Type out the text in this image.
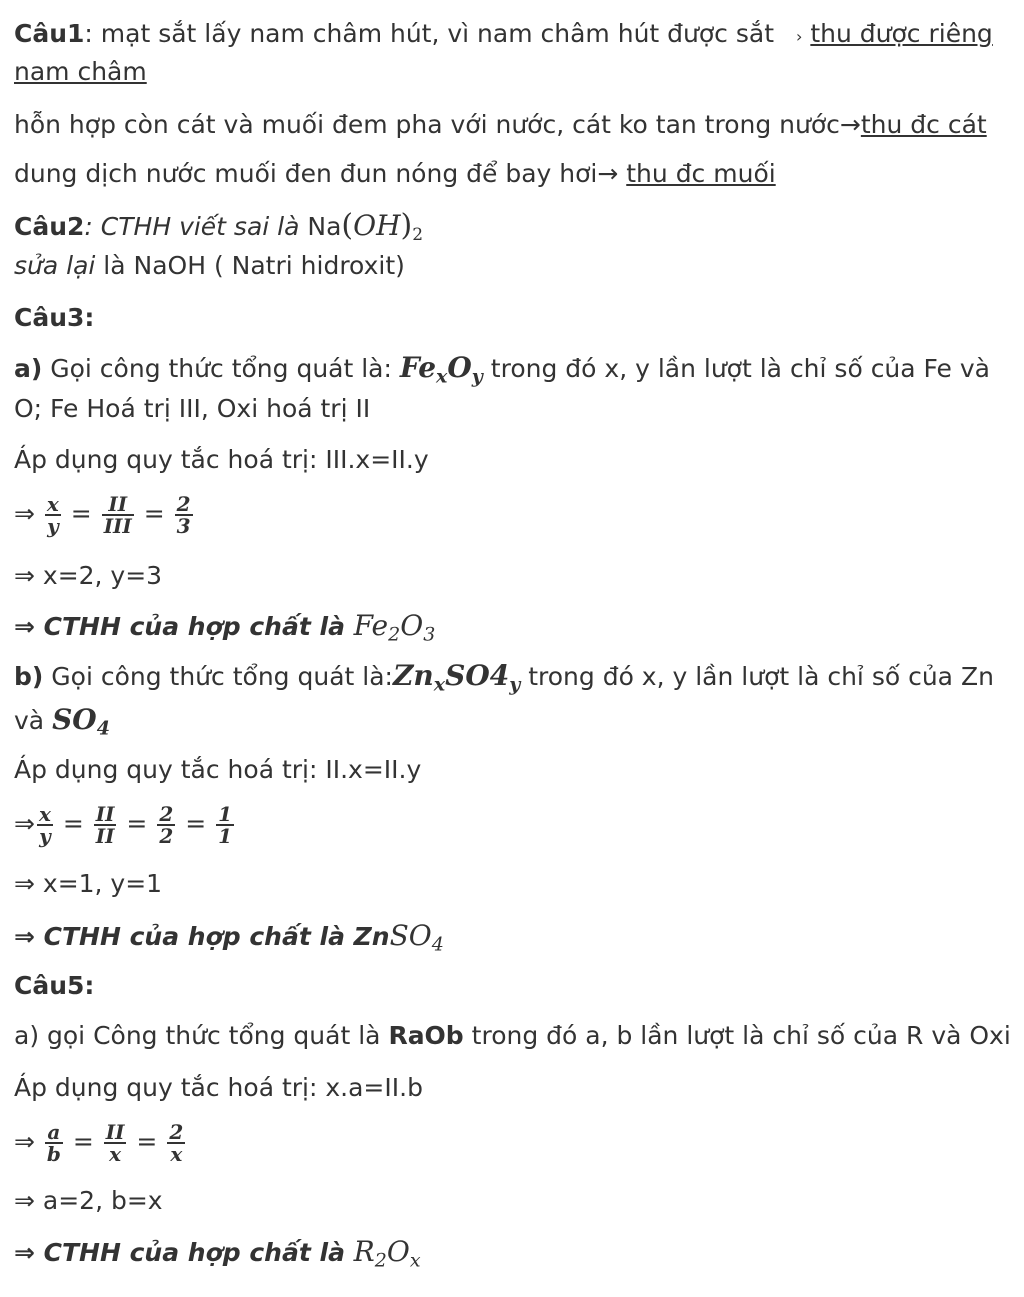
Câu1: mạt sắt lấy nam châm hút, vì nam châm hút được sắt › thu được riêng
nam châm
hỗn hợp còn cát và muối đem pha với nước, cát ko tan trong nước→thu đc cát
dung dịch nước muối đen đun nóng để bay hơi→ thu đc muối
Câu2: CTHH viết sai là $Na(OH)_2$
sửa lại là NaOH ( Natri hidroxit)
Câu3:
a) Gọi công thức tổng quát là: $Fe_xO_y$ trong đó x, y lần lượt là chỉ số của Fe và
O; Fe Hoá trị III, Oxi hoá trị II
Áp dụng quy tắc hoá trị: III.x=II.y
⇒ $\frac{x}{y} = \frac{II}{\text{III}} = \frac{2}{3}$
⇒ x=2, y=3
⇒ CTHH của hợp chất là $Fe_2O_3$
b) Gọi công thức tổng quát $là:Zn_xSO4_y$ trong đó x, y lần lượt là chỉ số của Zn
và $SO_4$
Áp dụng quy tắc hoá trị: II.x=II.y
⇒ $\frac{x}{y} = \frac{II}{II} = \frac{2}{2} = \frac{1}{1}$
⇒ x=1, y=1
⇒ CTHH của hợp chất là ZnSO$_4$
Câu5:
a) gọi Công thức tổng quát là RaOb trong đó a, b lần lượt là chỉ số của R và Oxi
Áp dụng quy tắc hoá trị: x.a=II.b
⇒ $\frac{a}{b} = \frac{II}{x} = \frac{2}{x}$
⇒ a=2, b=x
⇒ CTHH của hợp chất là $R_2O_x$
